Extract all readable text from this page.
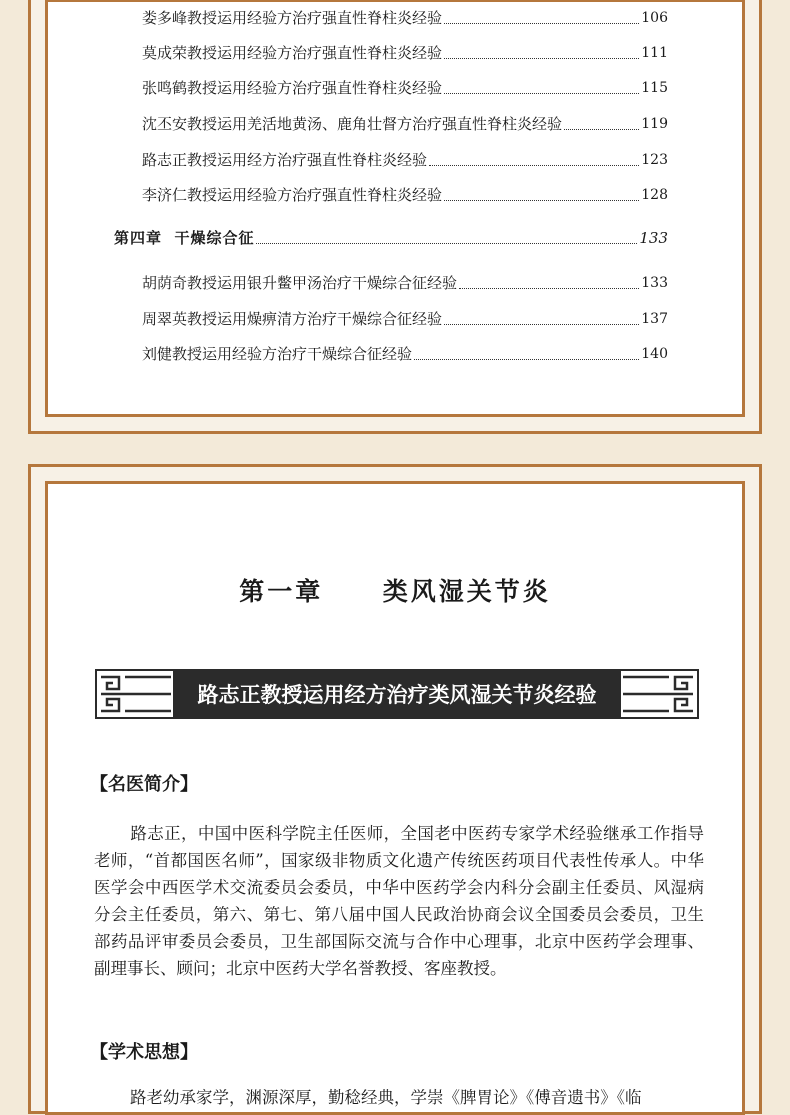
娄多峰教授运用经验方治疗强直性脊柱炎经验	106
莫成荣教授运用经验方治疗强直性脊柱炎经验	111
张鸣鹤教授运用经验方治疗强直性脊柱炎经验	115
沈丕安教授运用羌活地黄汤、鹿角壮督方治疗强直性脊柱炎经验	119
路志正教授运用经方治疗强直性脊柱炎经验	123
李济仁教授运用经验方治疗强直性脊柱炎经验	128
第四章  干燥综合征	133
胡荫奇教授运用银升鳖甲汤治疗干燥综合征经验	133
周翠英教授运用燥痹清方治疗干燥综合征经验	137
刘健教授运用经验方治疗干燥综合征经验	140
第一章  类风湿关节炎
路志正教授运用经方治疗类风湿关节炎经验
【名医简介】

路志正，中国中医科学院主任医师，全国老中医药专家学术经验继承工作指导老师，“首都国医名师”，国家级非物质文化遗产传统医药项目代表性传承人。中华医学会中西医学术交流委员会委员，中华中医药学会内科分会副主任委员、风湿病分会主任委员，第六、第七、第八届中国人民政治协商会议全国委员会委员，卫生部药品评审委员会委员，卫生部国际交流与合作中心理事，北京中医药学会理事、副理事长、顾问；北京中医药大学名誉教授、客座教授。

【学术思想】

路老幼承家学，渊源深厚，勤稔经典，学崇《脾胃论》《傅音遗书》《临
